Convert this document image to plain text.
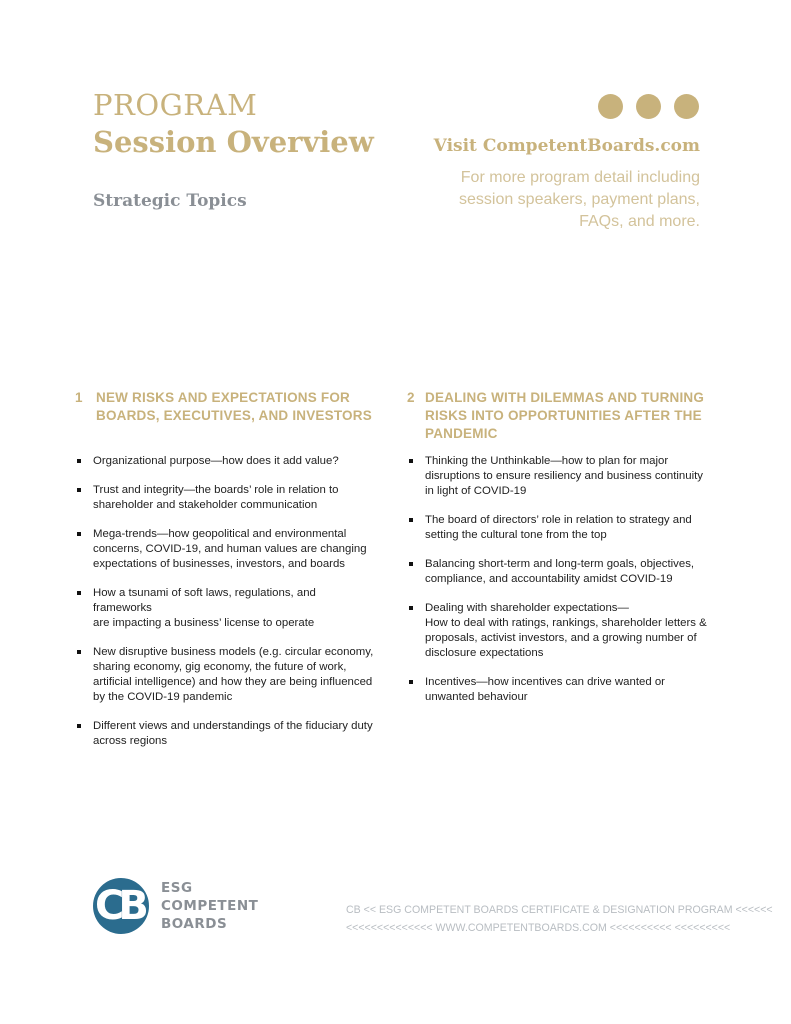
PROGRAM
Session Overview
Strategic Topics
Visit CompetentBoards.com
For more program detail including
session speakers, payment plans,
FAQs, and more.
1 NEW RISKS AND EXPECTATIONS FOR
BOARDS, EXECUTIVES, AND INVESTORS
Organizational purpose—how does it add value?
Trust and integrity—the boards’ role in relation to
shareholder and stakeholder communication
Mega-trends—how geopolitical and environmental
concerns, COVID-19, and human values are changing
expectations of businesses, investors, and boards
How a tsunami of soft laws, regulations, and frameworks
are impacting a business’ license to operate
New disruptive business models (e.g. circular economy,
sharing economy, gig economy, the future of work,
artificial intelligence) and how they are being influenced
by the COVID-19 pandemic
Different views and understandings of the fiduciary duty
across regions
2 DEALING WITH DILEMMAS AND TURNING
RISKS INTO OPPORTUNITIES AFTER THE
PANDEMIC
Thinking the Unthinkable—how to plan for major
disruptions to ensure resiliency and business continuity
in light of COVID-19
The board of directors’ role in relation to strategy and
setting the cultural tone from the top
Balancing short-term and long-term goals, objectives,
compliance, and accountability amidst COVID-19
Dealing with shareholder expectations—
How to deal with ratings, rankings, shareholder letters &
proposals, activist investors, and a growing number of
disclosure expectations
Incentives—how incentives can drive wanted or
unwanted behaviour
CB ESG
COMPETENT
BOARDS
CB << ESG COMPETENT BOARDS CERTIFICATE & DESIGNATION PROGRAM <<<<<<
<<<<<<<<<<<<<< WWW.COMPETENTBOARDS.COM <<<<<<<<<< <<<<<<<<<
